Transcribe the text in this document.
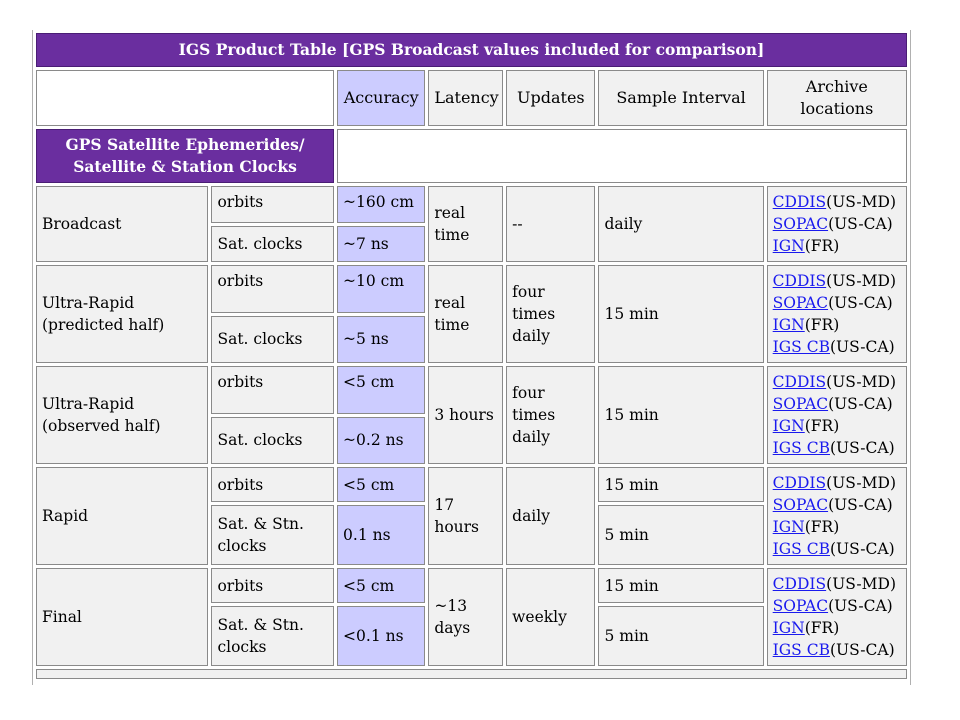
IGS Product Table [GPS Broadcast values included for comparison]						
		Accuracy	Latency	Updates	Sample Interval	Archive
locations

GPS Satellite Ephemerides/
Satellite & Station Clocks						

Broadcast	orbits	~160 cm	real time	--	daily	CDDIS(US-MD)
SOPAC(US-CA)
IGN(FR)

	Sat. clocks	~7 ns				
Ultra-Rapid (predicted half)	orbits	~10 cm	real time	four times daily	15 min	CDDIS(US-MD)
SOPAC(US-CA)
IGN(FR)
IGS CB(US-CA)

	Sat. clocks	~5 ns				
Ultra-Rapid (observed half)	orbits	<5 cm	3 hours	four times daily	15 min	CDDIS(US-MD)
SOPAC(US-CA)
IGN(FR)
IGS CB(US-CA)

	Sat. clocks	~0.2 ns				
Rapid	orbits	<5 cm	17 hours	daily	15 min	CDDIS(US-MD)
SOPAC(US-CA)
IGN(FR)
IGS CB(US-CA)

	Sat. & Stn. clocks	0.1 ns			5 min	
Final	orbits	<5 cm	~13 days	weekly	15 min	CDDIS(US-MD)
SOPAC(US-CA)
IGN(FR)
IGS CB(US-CA)

	Sat. & Stn. clocks	<0.1 ns			5 min	
